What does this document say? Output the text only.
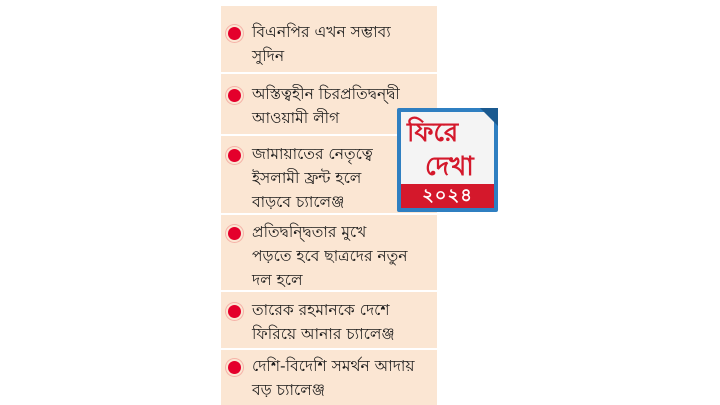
বিএনপির এখন সম্ভাব্য
সুদিন
অস্তিত্বহীন চিরপ্রতিদ্বন্দ্বী
আওয়ামী লীগ
জামায়াতের নেতৃত্বে
ইসলামী ফ্রন্ট হলে
বাড়বে চ্যালেঞ্জ
প্রতিদ্বন্দ্বিতার মুখে
পড়তে হবে ছাত্রদের নতুন
দল হলে
তারেক রহমানকে দেশে
ফিরিয়ে আনার চ্যালেঞ্জ
দেশি-বিদেশি সমর্থন আদায়
বড় চ্যালেঞ্জ
ফিরে
দেখা
২০২৪
